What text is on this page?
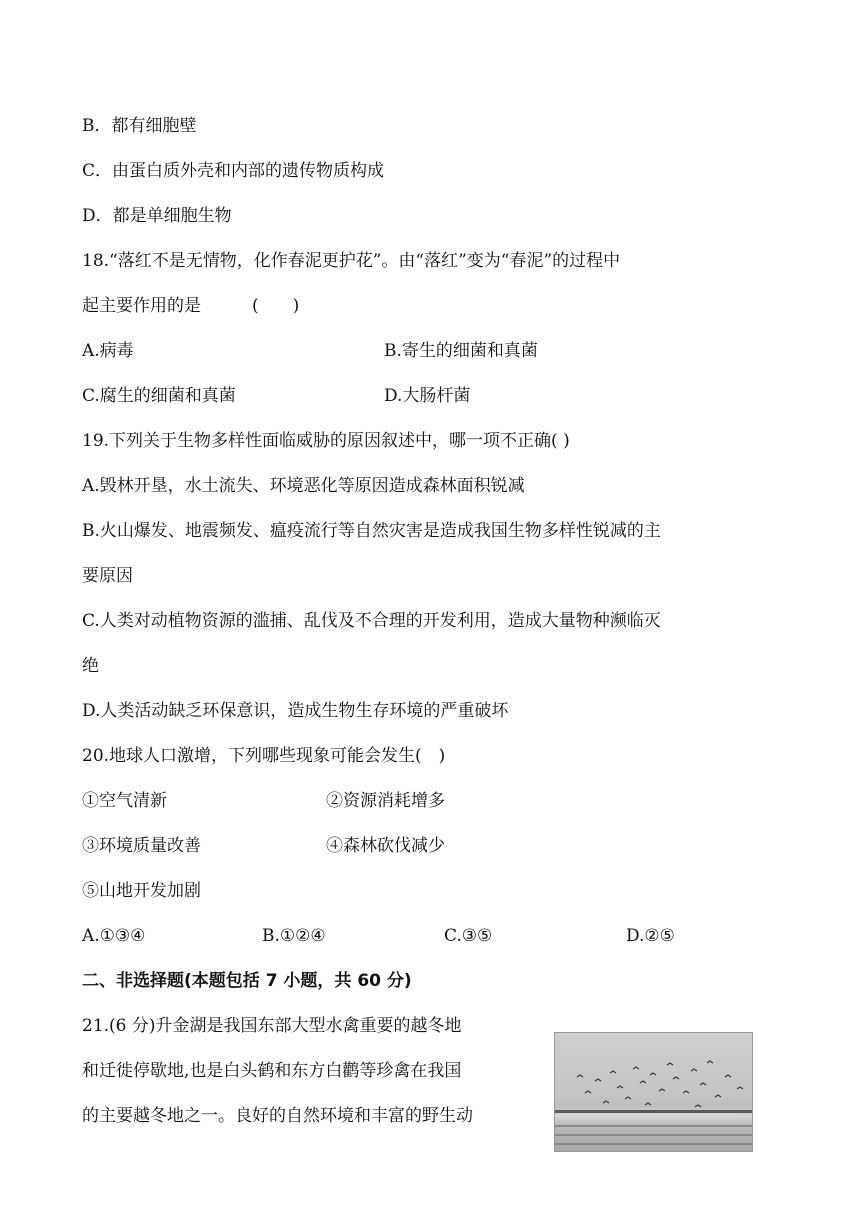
B．都有细胞壁
C．由蛋白质外壳和内部的遗传物质构成
D．都是单细胞生物
18.“落红不是无情物，化作春泥更护花”。由“落红”变为“春泥”的过程中
起主要作用的是　　　(　　)
A.病毒	B.寄生的细菌和真菌
C.腐生的细菌和真菌	D.大肠杆菌
19.下列关于生物多样性面临威胁的原因叙述中，哪一项不正确( )
A.毁林开垦，水土流失、环境恶化等原因造成森林面积锐减
B.火山爆发、地震频发、瘟疫流行等自然灾害是造成我国生物多样性锐减的主
要原因
C.人类对动植物资源的滥捕、乱伐及不合理的开发利用，造成大量物种濒临灭
绝
D.人类活动缺乏环保意识，造成生物生存环境的严重破坏
20.地球人口激增，下列哪些现象可能会发生(　)
①空气清新	②资源消耗增多
③环境质量改善	④森林砍伐减少
⑤山地开发加剧
A.①③④	B.①②④	C.③⑤	D.②⑤
二、非选择题(本题包括 7 小题，共 60 分)
21.(6 分)升金湖是我国东部大型水禽重要的越冬地
和迁徙停歇地,也是白头鹤和东方白鹳等珍禽在我国
的主要越冬地之一。良好的自然环境和丰富的野生动
